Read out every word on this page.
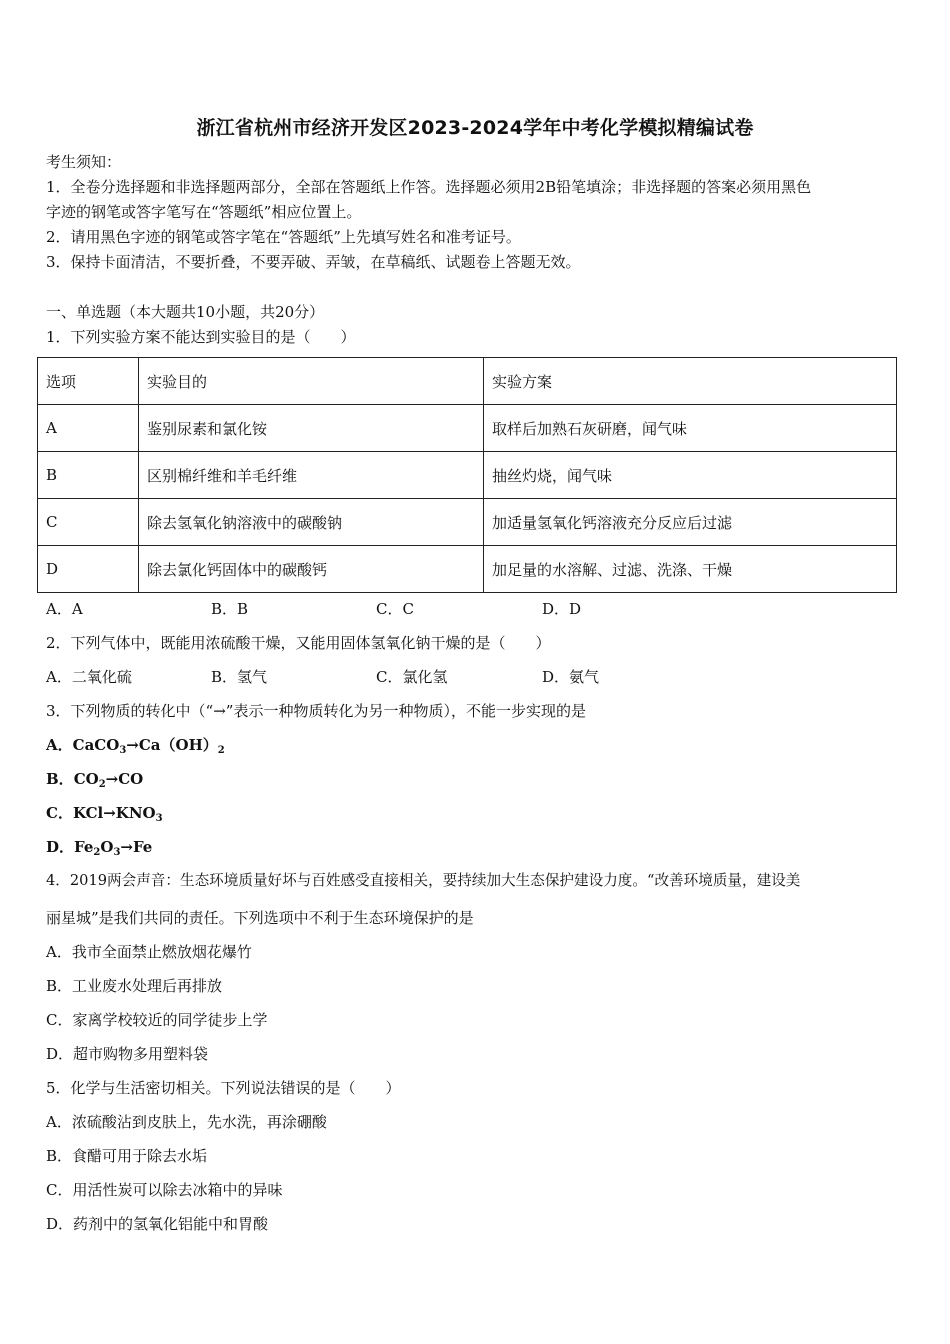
浙江省杭州市经济开发区2023-2024学年中考化学模拟精编试卷
考生须知：
1．全卷分选择题和非选择题两部分，全部在答题纸上作答。选择题必须用2B铅笔填涂；非选择题的答案必须用黑色
字迹的钢笔或答字笔写在“答题纸”相应位置上。
2．请用黑色字迹的钢笔或答字笔在“答题纸”上先填写姓名和准考证号。
3．保持卡面清洁，不要折叠，不要弄破、弄皱，在草稿纸、试题卷上答题无效。
一、单选题（本大题共10小题，共20分）
1．下列实验方案不能达到实验目的是（　　）
选项	实验目的	实验方案
A	鉴别尿素和氯化铵	取样后加熟石灰研磨，闻气味
B	区别棉纤维和羊毛纤维	抽丝灼烧，闻气味
C	除去氢氧化钠溶液中的碳酸钠	加适量氢氧化钙溶液充分反应后过滤
D	除去氯化钙固体中的碳酸钙	加足量的水溶解、过滤、洗涤、干燥
A．A	B．B	C．C	D．D
2．下列气体中，既能用浓硫酸干燥，又能用固体氢氧化钠干燥的是（　　）
A．二氧化硫	B．氢气	C．氯化氢	D．氨气
3．下列物质的转化中（“→”表示一种物质转化为另一种物质），不能一步实现的是
A．$CaCO_3\to Ca(OH)_2$
B．$CO_2\to CO$
C．$KCl\to KNO_3$
D．$Fe_2O_3\to Fe$
4．2019两会声音：生态环境质量好坏与百姓感受直接相关，要持续加大生态保护建设力度。“改善环境质量，建设美
丽星城”是我们共同的责任。下列选项中不利于生态环境保护的是
A．我市全面禁止燃放烟花爆竹
B．工业废水处理后再排放
C．家离学校较近的同学徒步上学
D．超市购物多用塑料袋
5．化学与生活密切相关。下列说法错误的是（　　）
A．浓硫酸沾到皮肤上，先水洗，再涂硼酸
B．食醋可用于除去水垢
C．用活性炭可以除去冰箱中的异味
D．药剂中的氢氧化铝能中和胃酸
